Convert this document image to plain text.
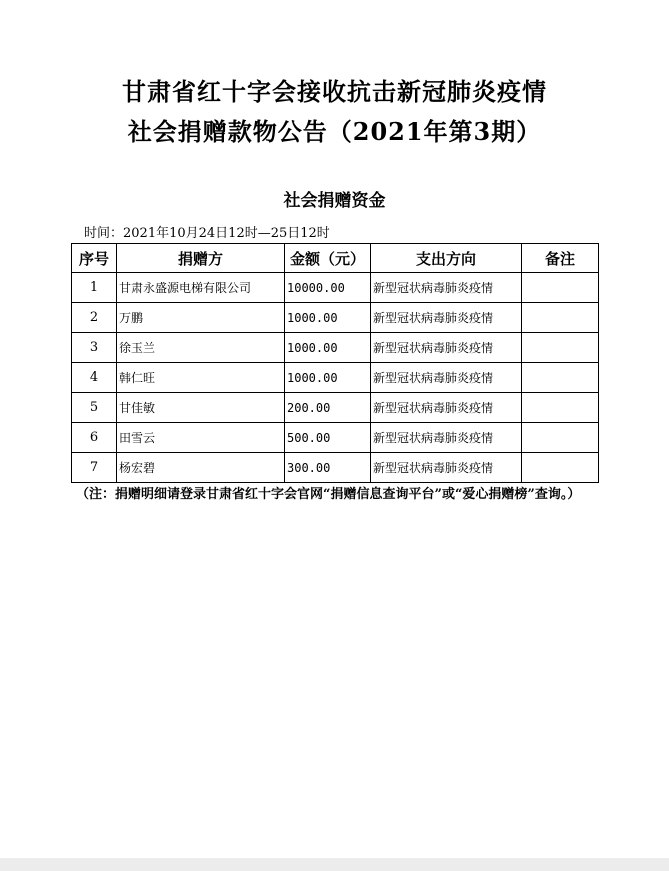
甘肃省红十字会接收抗击新冠肺炎疫情
社会捐赠款物公告（2021年第3期）
社会捐赠资金
时间：2021年10月24日12时—25日12时
序号	捐赠方	金额（元）	支出方向	备注
1	甘肃永盛源电梯有限公司	10000.00	新型冠状病毒肺炎疫情	
2	万鹏	1000.00	新型冠状病毒肺炎疫情	
3	徐玉兰	1000.00	新型冠状病毒肺炎疫情	
4	韩仁旺	1000.00	新型冠状病毒肺炎疫情	
5	甘佳敏	200.00	新型冠状病毒肺炎疫情	
6	田雪云	500.00	新型冠状病毒肺炎疫情	
7	杨宏碧	300.00	新型冠状病毒肺炎疫情	
（注：捐赠明细请登录甘肃省红十字会官网“捐赠信息查询平台”或“爱心捐赠榜”查询。）
